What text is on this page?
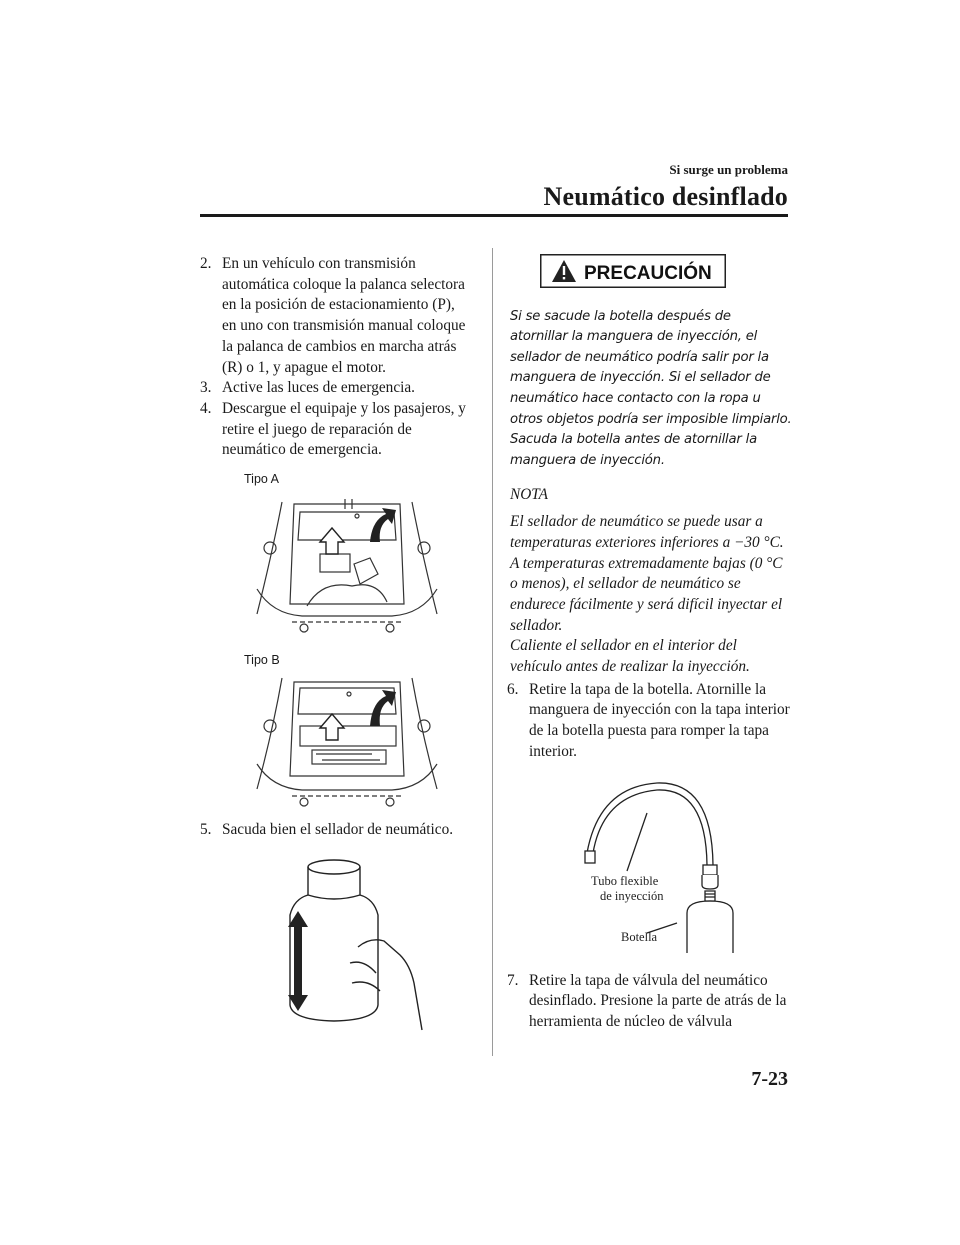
Si surge un problema
Neumático desinflado

2. En un vehículo con transmisión automática coloque la palanca selectora en la posición de estacionamiento (P), en uno con transmisión manual coloque la palanca de cambios en marcha atrás (R) o 1, y apague el motor.

3. Active las luces de emergencia.

4. Descargue el equipaje y los pasajeros, y retire el juego de reparación de neumático de emergencia.

Tipo A
Tipo B

5. Sacuda bien el sellador de neumático.

PRECAUCIÓN
Si se sacude la botella después de atornillar la manguera de inyección, el sellador de neumático podría salir por la manguera de inyección. Si el sellador de neumático hace contacto con la ropa u otros objetos podría ser imposible limpiarlo. Sacuda la botella antes de atornillar la manguera de inyección.

NOTA

El sellador de neumático se puede usar a temperaturas exteriores inferiores a −30 °C.

A temperaturas extremadamente bajas (0 °C o menos), el sellador de neumático se endurece fácilmente y será difícil inyectar el sellador.

Caliente el sellador en el interior del vehículo antes de realizar la inyección.

6. Retire la tapa de la botella. Atornille la manguera de inyección con la tapa interior de la botella puesta para romper la tapa interior.

Tubo flexible
de inyección
Botella

7. Retire la tapa de válvula del neumático desinflado. Presione la parte de atrás de la herramienta de núcleo de válvula

7-23
